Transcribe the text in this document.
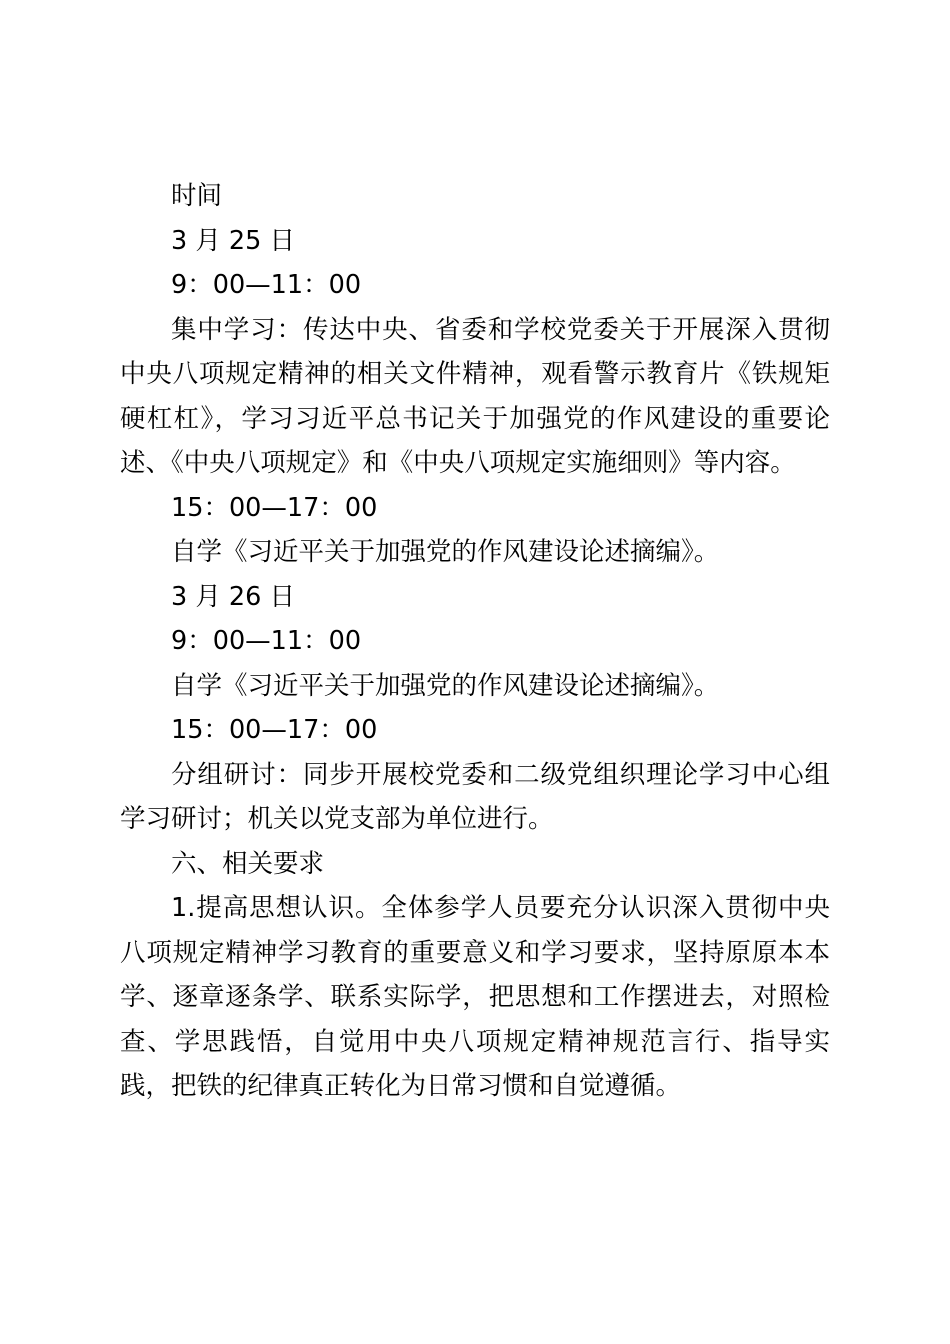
时间

3 月 25 日

9：00—11：00

集中学习：传达中央、省委和学校党委关于开展深入贯彻中央八项规定精神的相关文件精神，观看警示教育片《铁规矩硬杠杠》，学习习近平总书记关于加强党的作风建设的重要论述、《中央八项规定》和《中央八项规定实施细则》等内容。

15：00—17：00

自学《习近平关于加强党的作风建设论述摘编》。

3 月 26 日

9：00—11：00

自学《习近平关于加强党的作风建设论述摘编》。

15：00—17：00

分组研讨：同步开展校党委和二级党组织理论学习中心组学习研讨；机关以党支部为单位进行。

六、相关要求

1.提高思想认识。全体参学人员要充分认识深入贯彻中央八项规定精神学习教育的重要意义和学习要求，坚持原原本本学、逐章逐条学、联系实际学，把思想和工作摆进去，对照检查、学思践悟，自觉用中央八项规定精神规范言行、指导实践，把铁的纪律真正转化为日常习惯和自觉遵循。
